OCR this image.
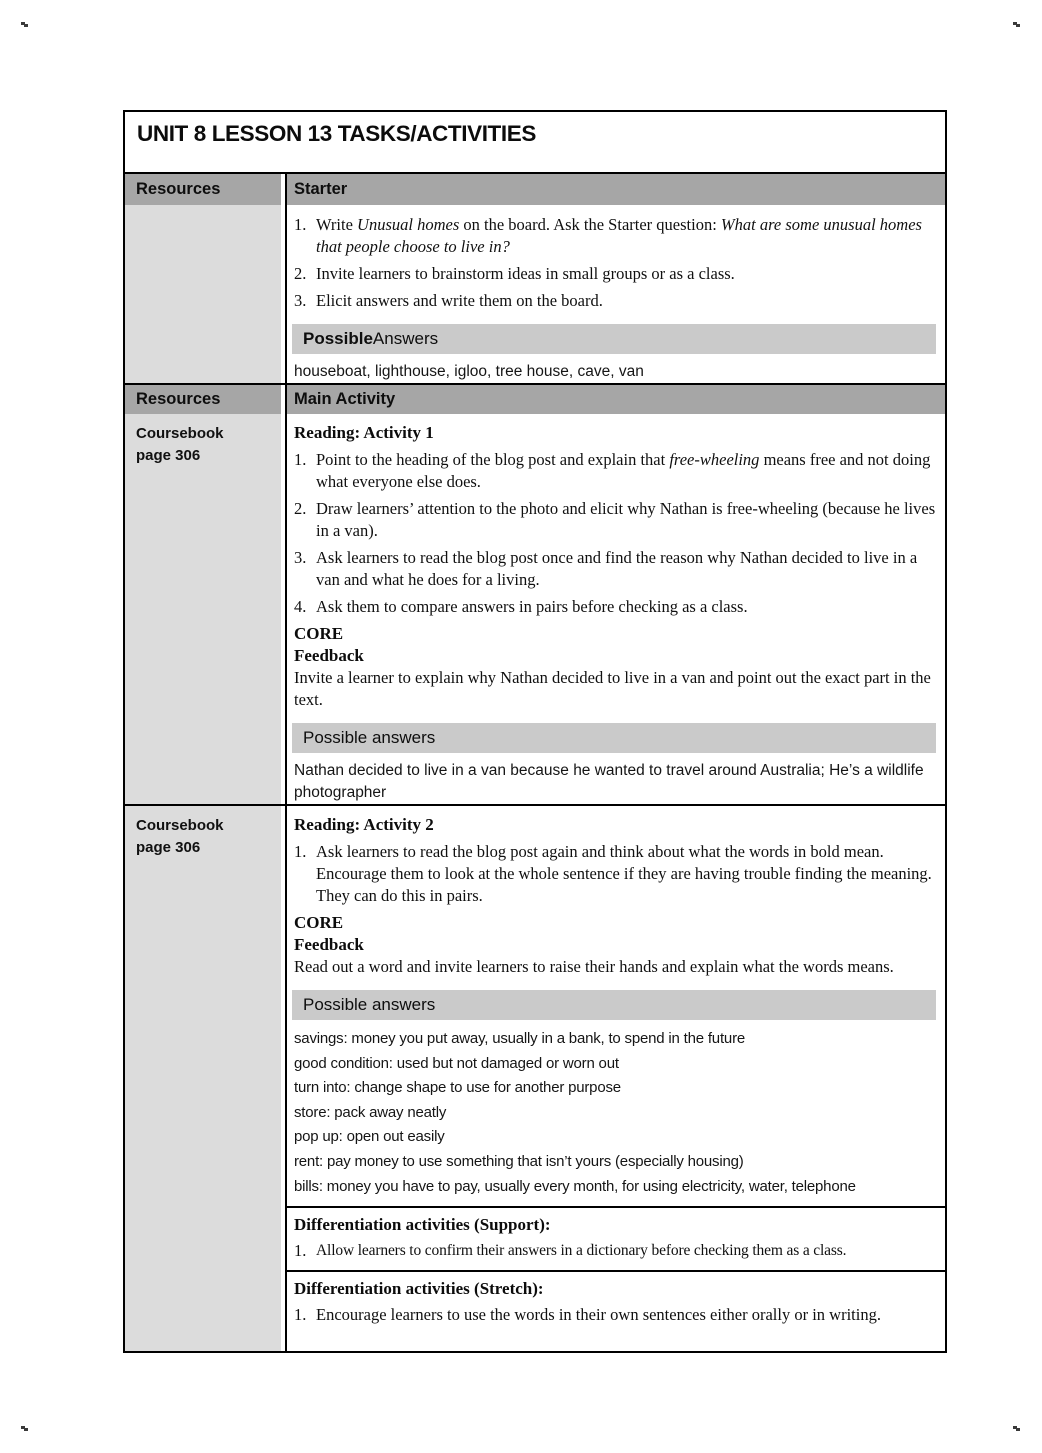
UNIT 8 LESSON 13 TASKS/ACTIVITIES
Resources	Starter
1. Write Unusual homes on the board. Ask the Starter question: What are some unusual homes that people choose to live in?
2. Invite learners to brainstorm ideas in small groups or as a class.
3. Elicit answers and write them on the board.
Possible Answers
houseboat, lighthouse, igloo, tree house, cave, van
Resources	Main Activity
Coursebook
page 306
Reading: Activity 1
1. Point to the heading of the blog post and explain that free-wheeling means free and not doing what everyone else does.
2. Draw learners’ attention to the photo and elicit why Nathan is free-wheeling (because he lives in a van).
3. Ask learners to read the blog post once and find the reason why Nathan decided to live in a van and what he does for a living.
4. Ask them to compare answers in pairs before checking as a class.
CORE
Feedback
Invite a learner to explain why Nathan decided to live in a van and point out the exact part in the text.
Possible answers
Nathan decided to live in a van because he wanted to travel around Australia; He’s a wildlife photographer
Coursebook
page 306
Reading: Activity 2
1. Ask learners to read the blog post again and think about what the words in bold mean. Encourage them to look at the whole sentence if they are having trouble finding the meaning. They can do this in pairs.
CORE
Feedback
Read out a word and invite learners to raise their hands and explain what the words means.
Possible answers
savings: money you put away, usually in a bank, to spend in the future
good condition: used but not damaged or worn out
turn into: change shape to use for another purpose
store: pack away neatly
pop up: open out easily
rent: pay money to use something that isn’t yours (especially housing)
bills: money you have to pay, usually every month, for using electricity, water, telephone
Differentiation activities (Support):
1. Allow learners to confirm their answers in a dictionary before checking them as a class.
Differentiation activities (Stretch):
1. Encourage learners to use the words in their own sentences either orally or in writing.
